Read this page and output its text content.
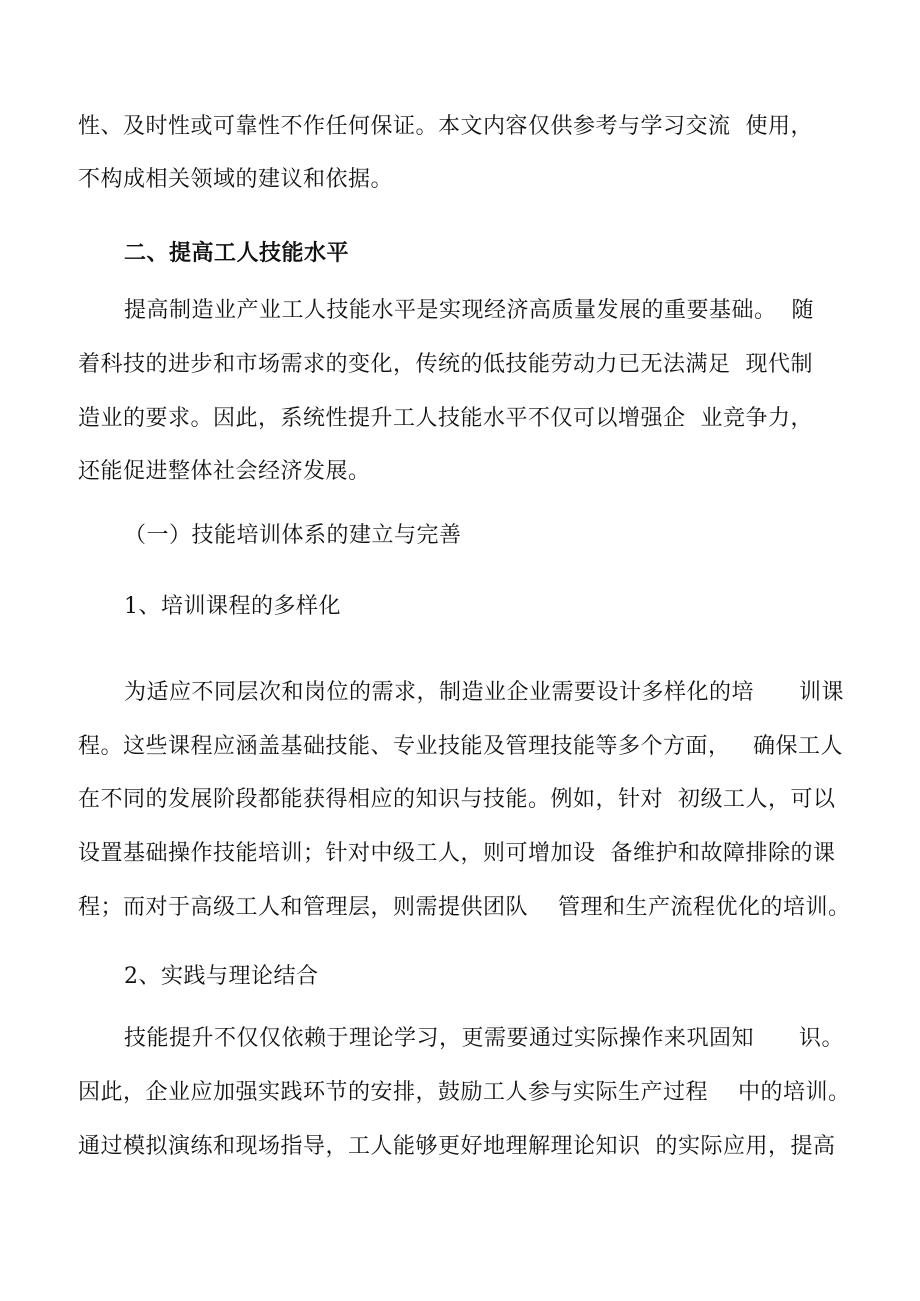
性、及时性或可靠性不作任何保证。本文内容仅供参考与学习交流  使用，
不构成相关领域的建议和依据。
二、提高工人技能水平
提高制造业产业工人技能水平是实现经济高质量发展的重要基础。  随
着科技的进步和市场需求的变化，传统的低技能劳动力已无法满足  现代制
造业的要求。因此，系统性提升工人技能水平不仅可以增强企  业竞争力，
还能促进整体社会经济发展。
（一）技能培训体系的建立与完善
1、培训课程的多样化
为适应不同层次和岗位的需求，制造业企业需要设计多样化的培      训课
程。这些课程应涵盖基础技能、专业技能及管理技能等多个方面，   确保工人
在不同的发展阶段都能获得相应的知识与技能。例如，针对  初级工人，可以
设置基础操作技能培训；针对中级工人，则可增加设  备维护和故障排除的课
程；而对于高级工人和管理层，则需提供团队    管理和生产流程优化的培训。
2、实践与理论结合
技能提升不仅仅依赖于理论学习，更需要通过实际操作来巩固知      识。
因此，企业应加强实践环节的安排，鼓励工人参与实际生产过程    中的培训。
通过模拟演练和现场指导，工人能够更好地理解理论知识  的实际应用，提高
